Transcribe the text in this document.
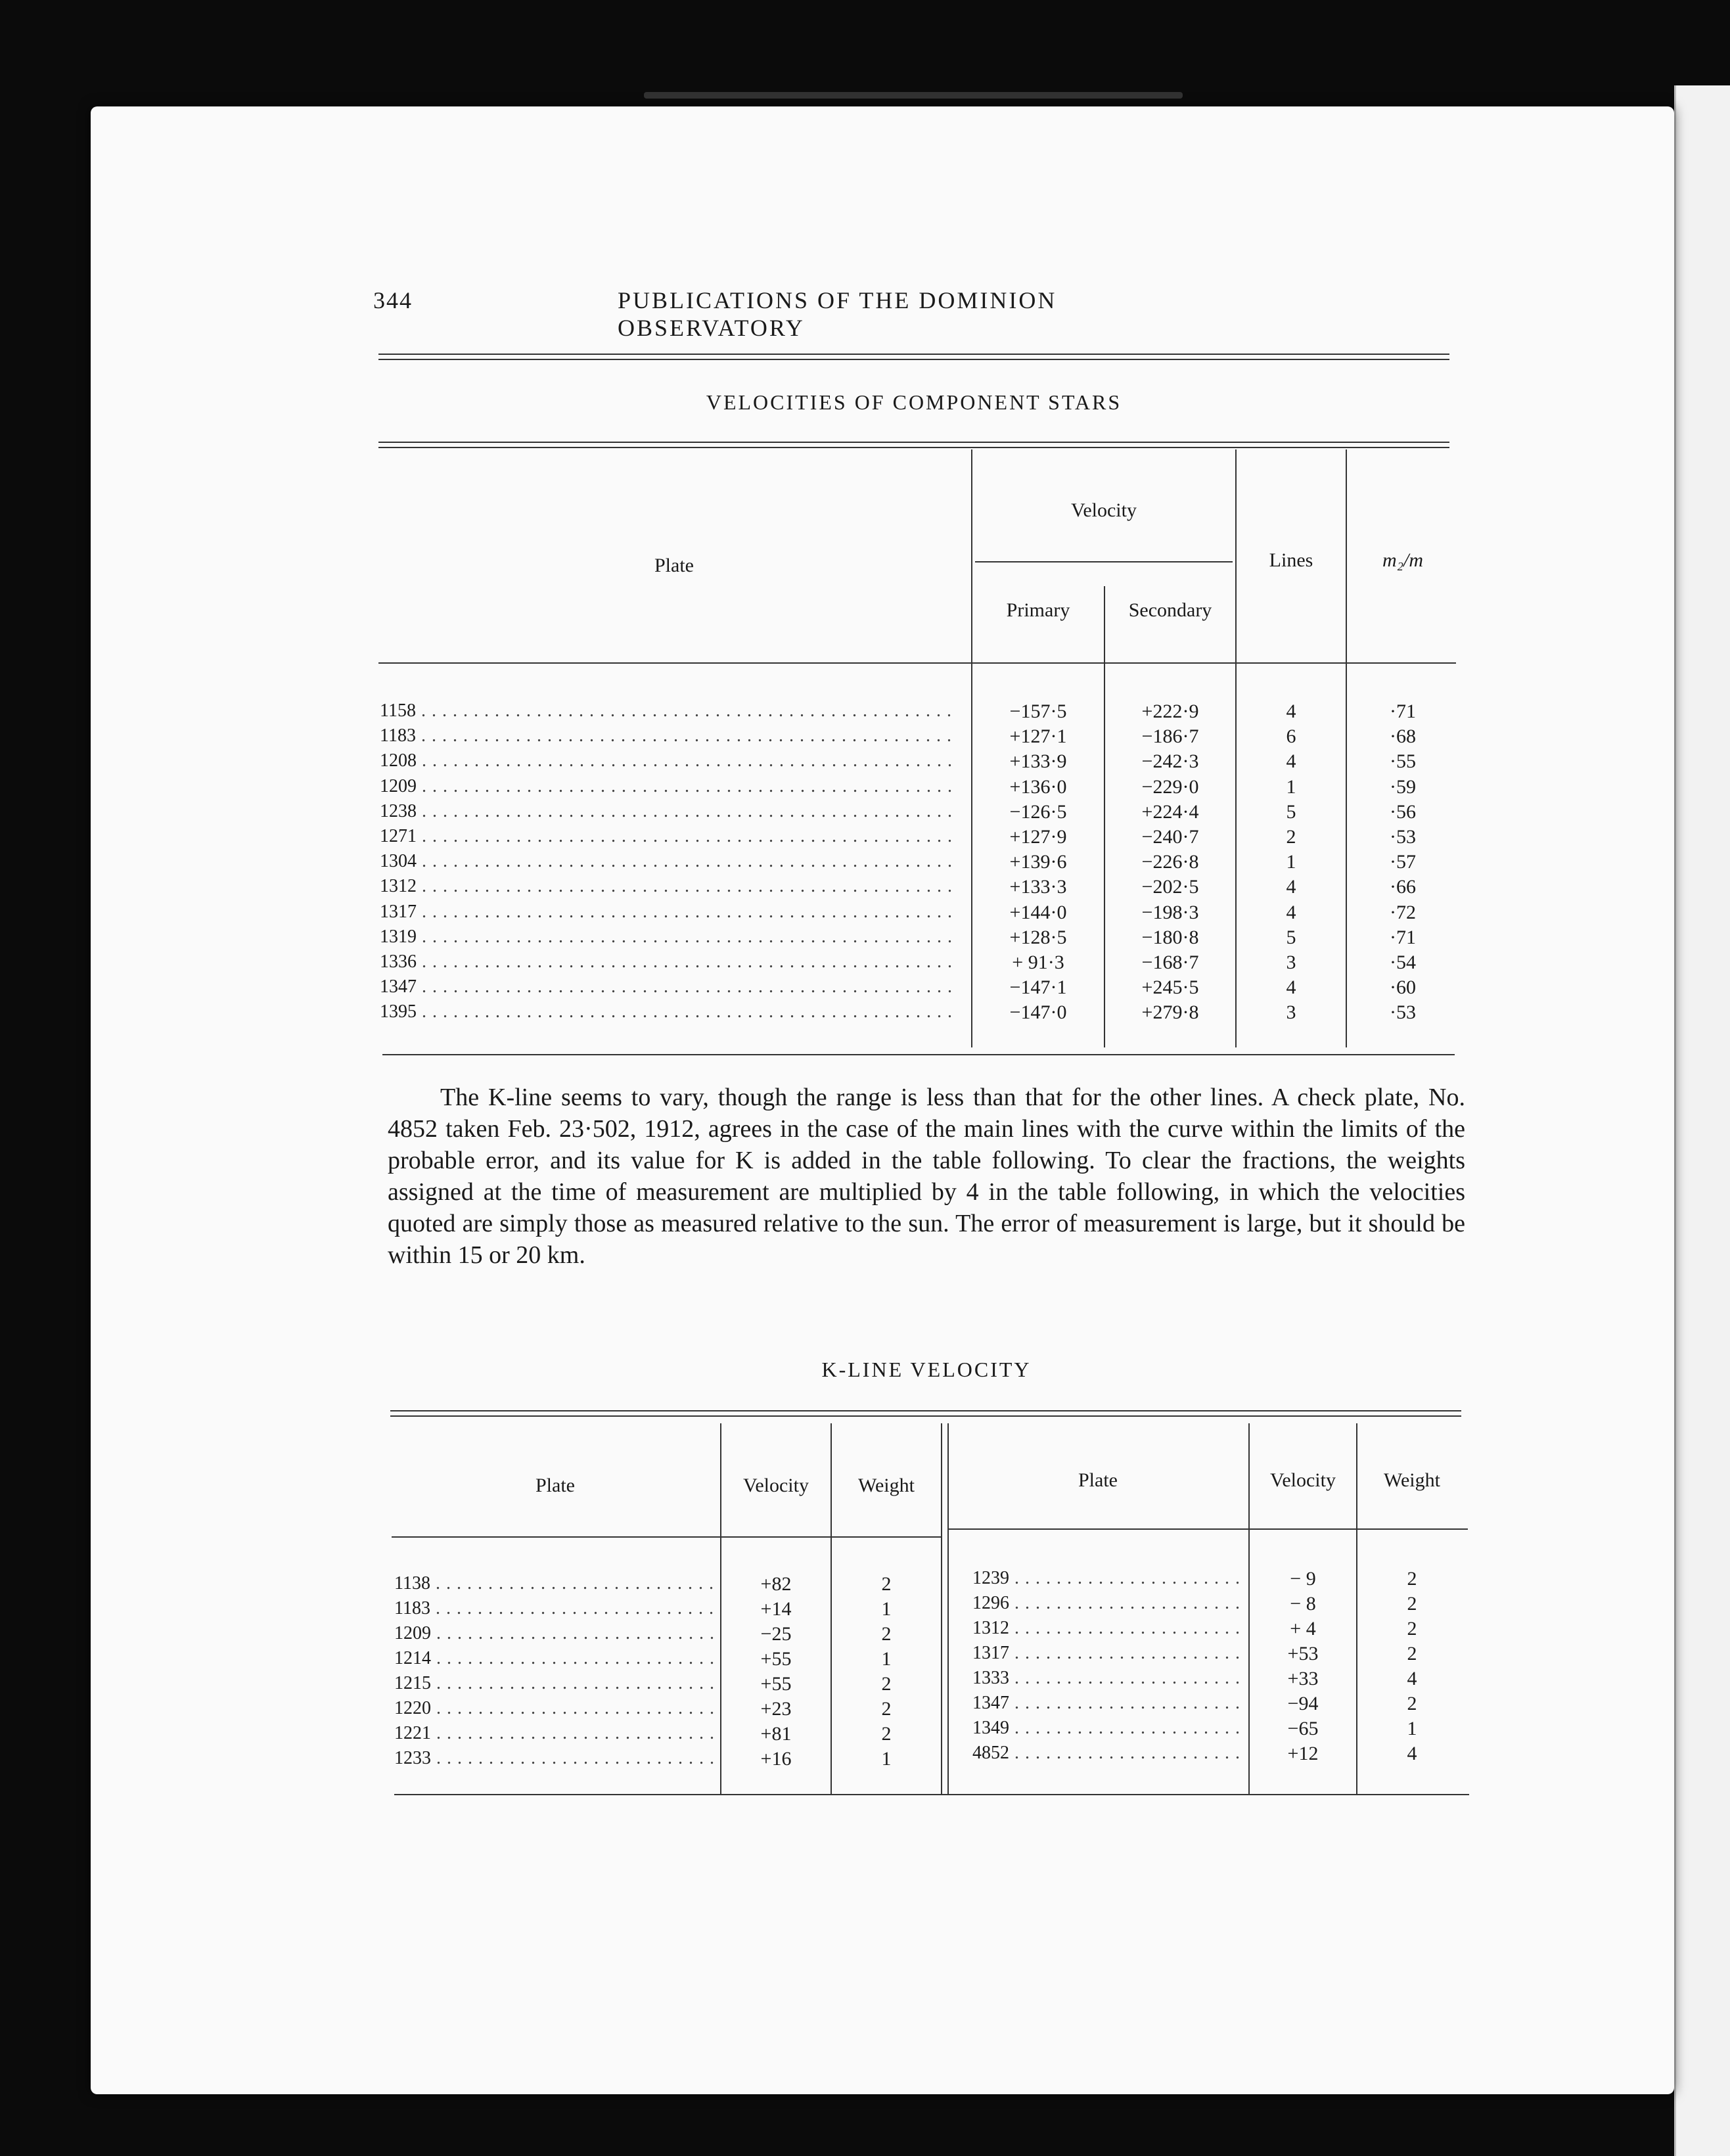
344	PUBLICATIONS OF THE DOMINION OBSERVATORY
VELOCITIES OF COMPONENT STARS
Plate
Velocity
Primary	Secondary
Lines	m₂/m
1158 . . .	−157·5	+222·9	4	·71
1183 . . .	+127·1	−186·7	6	·68
1208 . . .	+133·9	−242·3	4	·55
1209 . . .	+136·0	−229·0	1	·59
1238 . . .	−126·5	+224·4	5	·56
1271 . . .	+127·9	−240·7	2	·53
1304 . . .	+139·6	−226·8	1	·57
1312 . . .	+133·3	−202·5	4	·66
1317 . . .	+144·0	−198·3	4	·72
1319 . . .	+128·5	−180·8	5	·71
1336 . . .	+ 91·3	−168·7	3	·54
1347 . . .	−147·1	+245·5	4	·60
1395 . . .	−147·0	+279·8	3	·53
The K-line seems to vary, though the range is less than that for the other lines. A check plate, No. 4852 taken Feb. 23·502, 1912, agrees in the case of the main lines with the curve within the limits of the probable error, and its value for K is added in the table following. To clear the fractions, the weights assigned at the time of measurement are multiplied by 4 in the table following, in which the velocities quoted are simply those as measured relative to the sun. The error of measurement is large, but it should be within 15 or 20 km.
K-LINE VELOCITY
Plate	Velocity	Weight	Plate	Velocity	Weight
1138 . . .	+82	2
1183 . . .	+14	1
1209 . . .	−25	2
1214 . . .	+55	1
1215 . . .	+55	2
1220 . . .	+23	2
1221 . . .	+81	2
1233 . . .	+16	1
1239 . . .	− 9	2
1296 . . .	− 8	2
1312 . . .	+ 4	2
1317 . . .	+53	2
1333 . . .	+33	4
1347 . . .	−94	2
1349 . . .	−65	1
4852 . . .	+12	4
